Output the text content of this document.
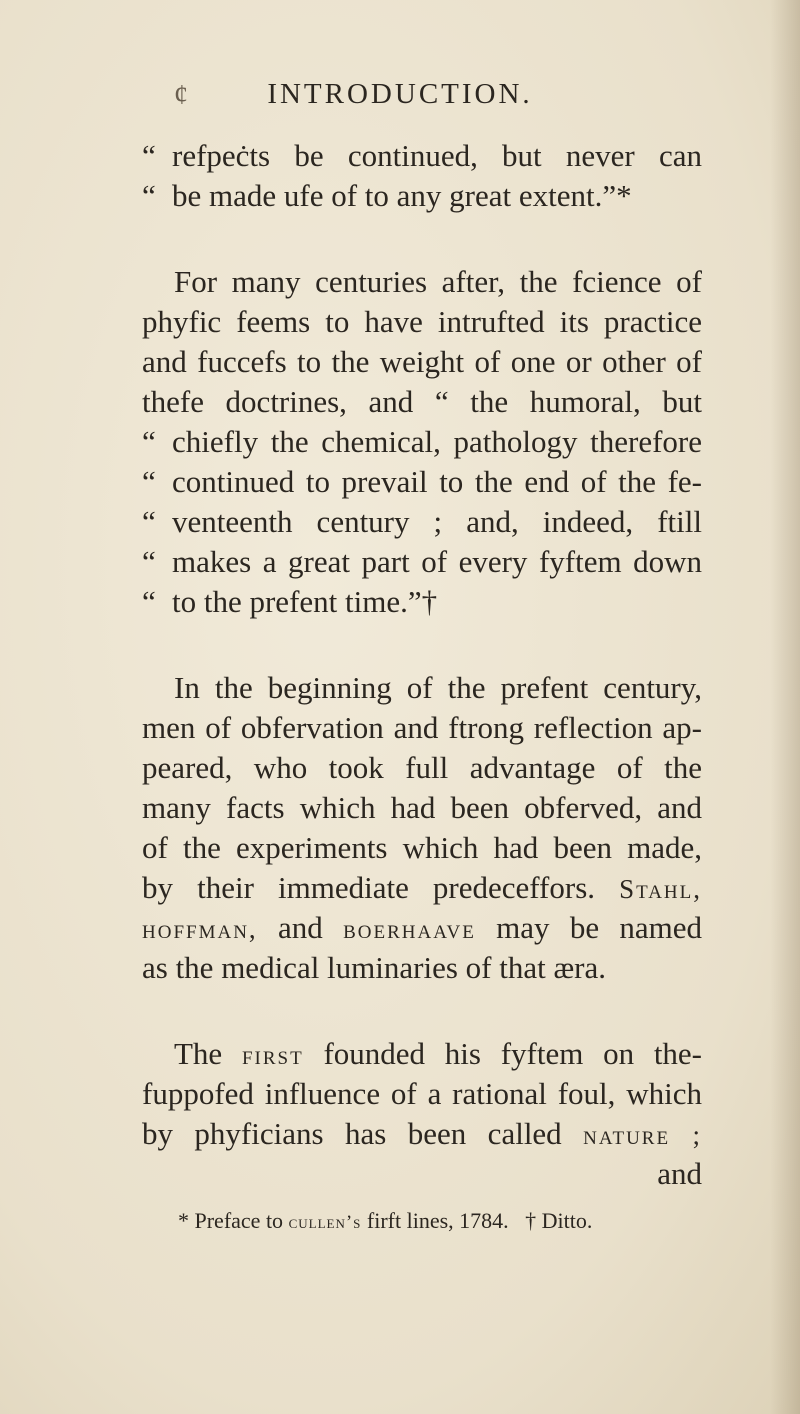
¢	INTRODUCTION.
“ refpeċts be continued, but never can
“ be made ufe of to any great extent.”*
For many centuries after, the fcience of
phyfic feems to have intrufted its practice
and fuccefs to the weight of one or other of
thefe doctrines, and “ the humoral, but
“ chiefly the chemical, pathology therefore
“ continued to prevail to the end of the fe-
“ venteenth century ; and, indeed, ftill
“ makes a great part of every fyftem down
“ to the prefent time.”†
In the beginning of the prefent century,
men of obfervation and ftrong reflection ap-
peared, who took full advantage of the
many facts which had been obferved, and
of the experiments which had been made,
by their immediate predeceffors. Stahl,
hoffman, and boerhaave may be named
as the medical luminaries of that æra.
The first founded his fyftem on the-
fuppofed influence of a rational foul, which
by phyficians has been called nature ;
and
* Preface to cullen’s firft lines, 1784. † Ditto.
